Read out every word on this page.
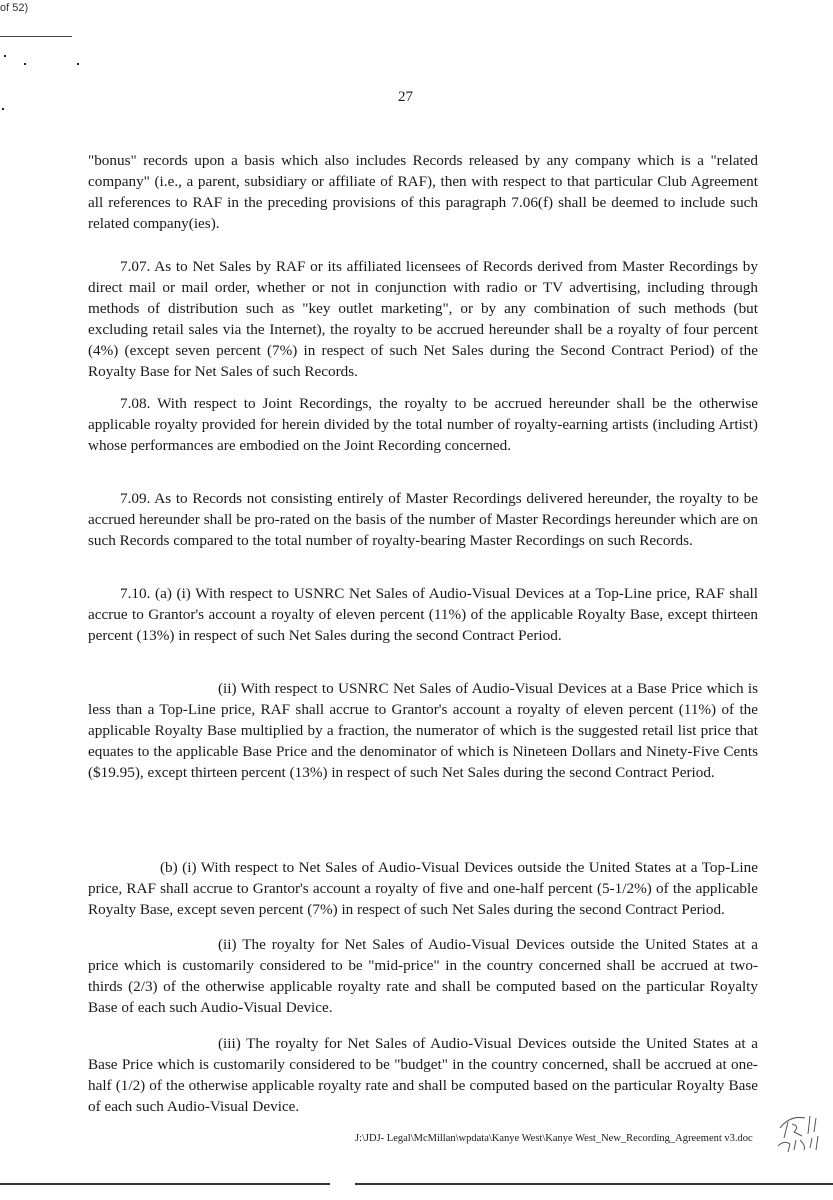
of 52)
27

"bonus" records upon a basis which also includes Records released by any company which is a "related company" (i.e., a parent, subsidiary or affiliate of RAF), then with respect to that particular Club Agreement all references to RAF in the preceding provisions of this paragraph 7.06(f) shall be deemed to include such related company(ies).

7.07. As to Net Sales by RAF or its affiliated licensees of Records derived from Master Recordings by direct mail or mail order, whether or not in conjunction with radio or TV advertising, including through methods of distribution such as "key outlet marketing", or by any combination of such methods (but excluding retail sales via the Internet), the royalty to be accrued hereunder shall be a royalty of four percent (4%) (except seven percent (7%) in respect of such Net Sales during the Second Contract Period) of the Royalty Base for Net Sales of such Records.

7.08. With respect to Joint Recordings, the royalty to be accrued hereunder shall be the otherwise applicable royalty provided for herein divided by the total number of royalty-earning artists (including Artist) whose performances are embodied on the Joint Recording concerned.

7.09. As to Records not consisting entirely of Master Recordings delivered hereunder, the royalty to be accrued hereunder shall be pro-rated on the basis of the number of Master Recordings hereunder which are on such Records compared to the total number of royalty-bearing Master Recordings on such Records.

7.10. (a) (i) With respect to USNRC Net Sales of Audio-Visual Devices at a Top-Line price, RAF shall accrue to Grantor's account a royalty of eleven percent (11%) of the applicable Royalty Base, except thirteen percent (13%) in respect of such Net Sales during the second Contract Period.

(ii) With respect to USNRC Net Sales of Audio-Visual Devices at a Base Price which is less than a Top-Line price, RAF shall accrue to Grantor's account a royalty of eleven percent (11%) of the applicable Royalty Base multiplied by a fraction, the numerator of which is the suggested retail list price that equates to the applicable Base Price and the denominator of which is Nineteen Dollars and Ninety-Five Cents ($19.95), except thirteen percent (13%) in respect of such Net Sales during the second Contract Period.

(b) (i) With respect to Net Sales of Audio-Visual Devices outside the United States at a Top-Line price, RAF shall accrue to Grantor's account a royalty of five and one-half percent (5-1/2%) of the applicable Royalty Base, except seven percent (7%) in respect of such Net Sales during the second Contract Period.

(ii) The royalty for Net Sales of Audio-Visual Devices outside the United States at a price which is customarily considered to be "mid-price" in the country concerned shall be accrued at two-thirds (2/3) of the otherwise applicable royalty rate and shall be computed based on the particular Royalty Base of each such Audio-Visual Device.

(iii) The royalty for Net Sales of Audio-Visual Devices outside the United States at a Base Price which is customarily considered to be "budget" in the country concerned, shall be accrued at one-half (1/2) of the otherwise applicable royalty rate and shall be computed based on the particular Royalty Base of each such Audio-Visual Device.

J:\JDJ- Legal\McMillan\wpdata\Kanye West\Kanye West_New_Recording_Agreement v3.doc
